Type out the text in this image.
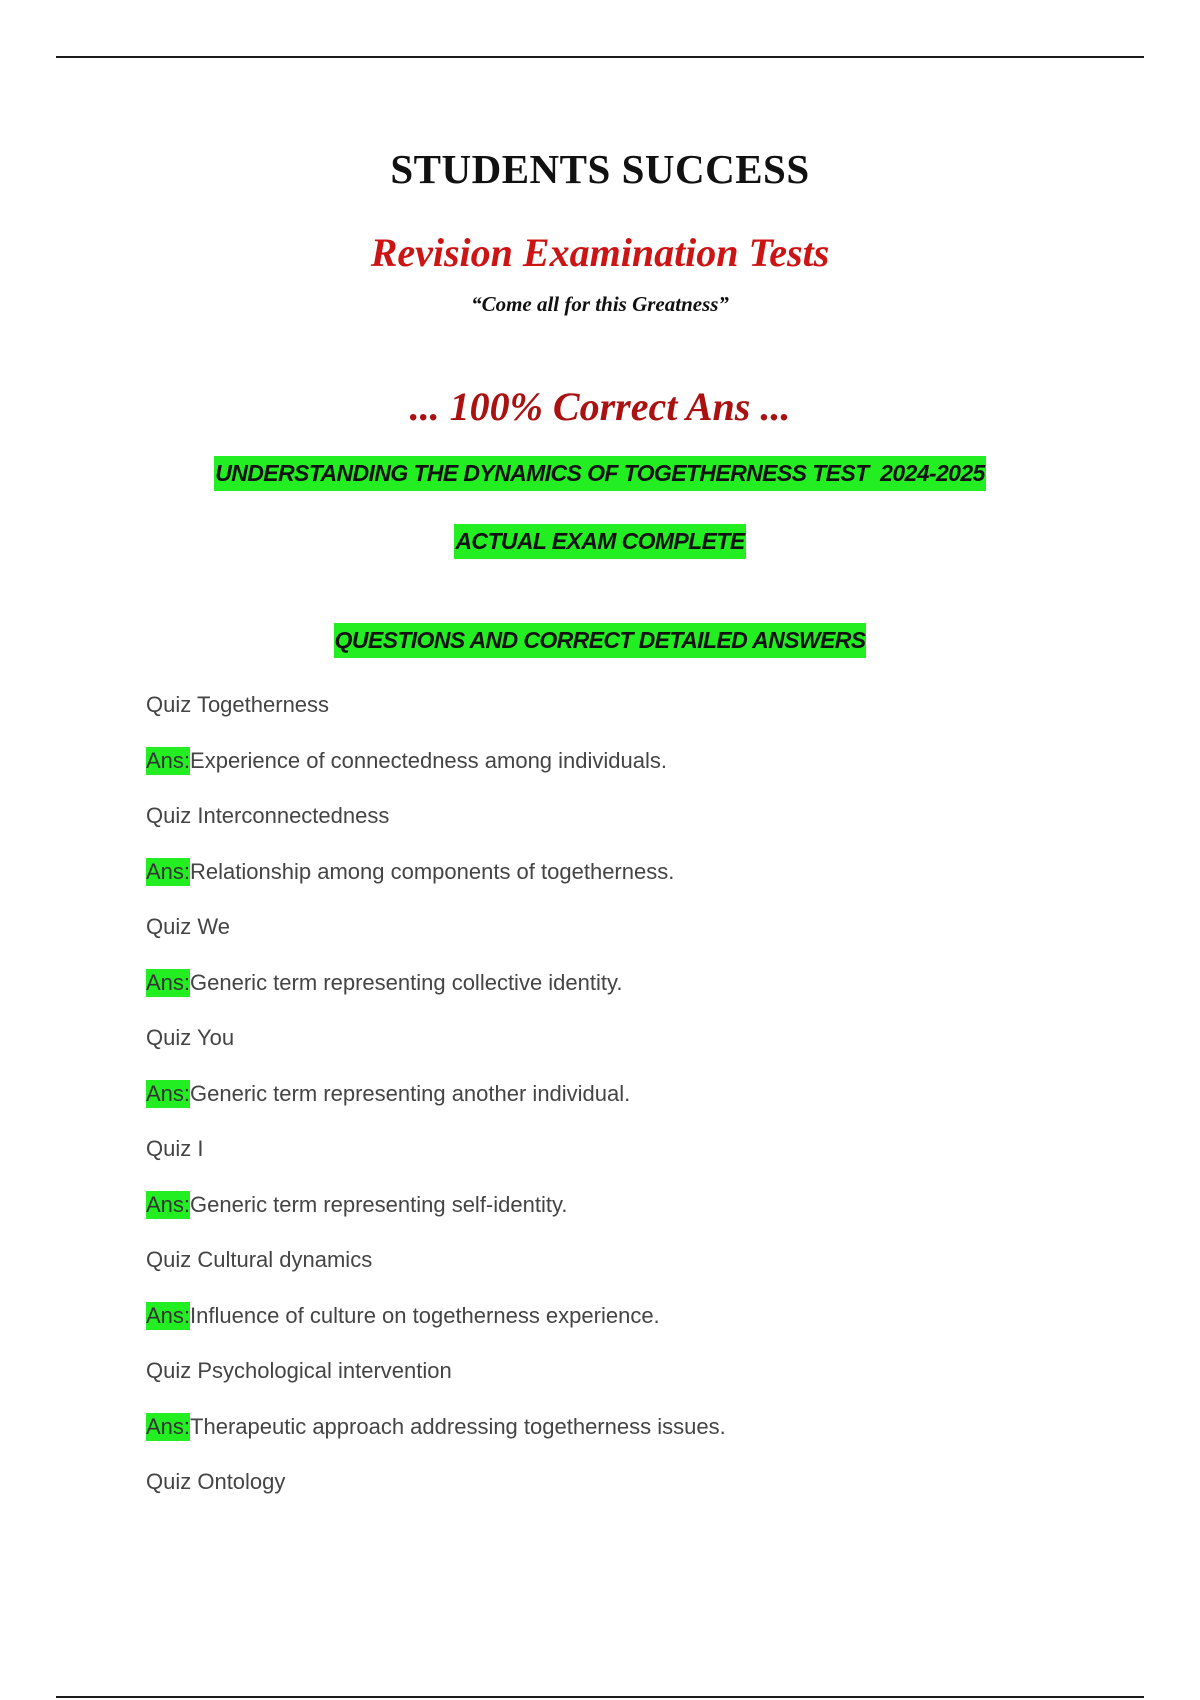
STUDENTS SUCCESS
Revision Examination Tests
“Come all for this Greatness”
... 100% Correct Ans ...
UNDERSTANDING THE DYNAMICS OF TOGETHERNESS TEST  2024-2025
ACTUAL EXAM COMPLETE
QUESTIONS AND CORRECT DETAILED ANSWERS
Quiz Togetherness
Ans:Experience of connectedness among individuals.
Quiz Interconnectedness
Ans:Relationship among components of togetherness.
Quiz We
Ans:Generic term representing collective identity.
Quiz You
Ans:Generic term representing another individual.
Quiz I
Ans:Generic term representing self-identity.
Quiz Cultural dynamics
Ans:Influence of culture on togetherness experience.
Quiz Psychological intervention
Ans:Therapeutic approach addressing togetherness issues.
Quiz Ontology
